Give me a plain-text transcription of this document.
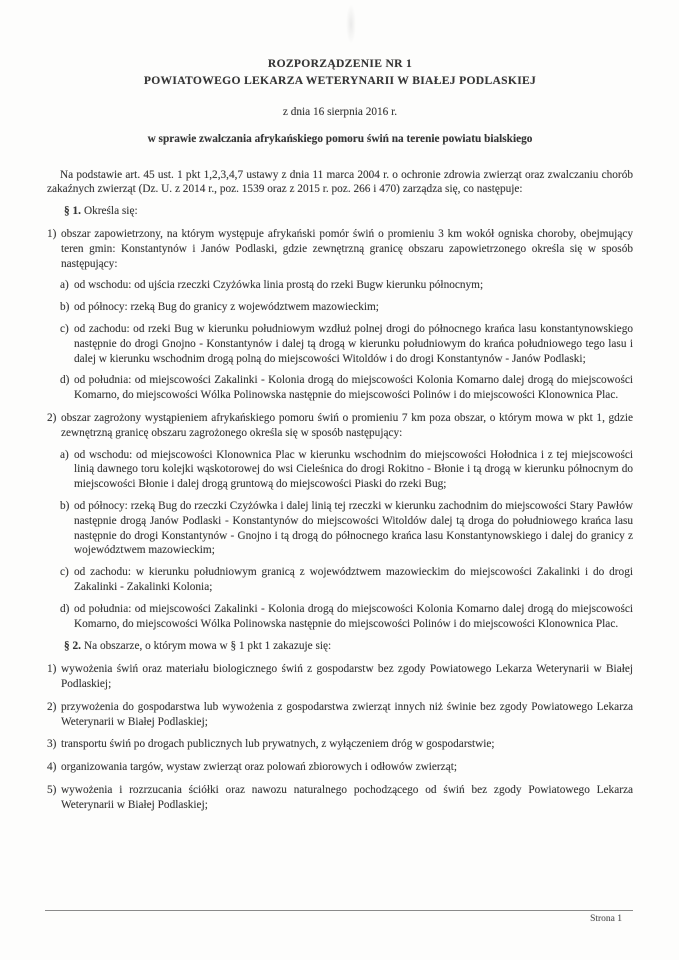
ROZPORZĄDZENIE NR 1
POWIATOWEGO LEKARZA WETERYNARII W BIAŁEJ PODLASKIEJ
z dnia 16 sierpnia 2016 r.
w sprawie zwalczania afrykańskiego pomoru świń na terenie powiatu bialskiego

Na podstawie art. 45 ust. 1 pkt 1,2,3,4,7 ustawy z dnia 11 marca 2004 r. o ochronie zdrowia zwierząt oraz zwalczaniu chorób zakaźnych zwierząt (Dz. U. z 2014 r., poz. 1539 oraz z 2015 r. poz. 266 i 470) zarządza się, co następuje:

§ 1. Określa się:

1) obszar zapowietrzony, na którym występuje afrykański pomór świń o promieniu 3 km wokół ogniska choroby, obejmujący teren gmin: Konstantynów i Janów Podlaski, gdzie zewnętrzną granicę obszaru zapowietrzonego określa się w sposób następujący:
a) od wschodu: od ujścia rzeczki Czyżówka linia prostą do rzeki Bugw kierunku północnym;
b) od północy: rzeką Bug do granicy z województwem mazowieckim;
c) od zachodu: od rzeki Bug w kierunku południowym wzdłuż polnej drogi do północnego krańca lasu konstantynowskiego następnie do drogi Gnojno - Konstantynów i dalej tą drogą w kierunku południowym do krańca południowego tego lasu i dalej w kierunku wschodnim drogą polną do miejscowości Witoldów i do drogi Konstantynów - Janów Podlaski;
d) od południa: od miejscowości Zakalinki - Kolonia drogą do miejscowości Kolonia Komarno dalej drogą do miejscowości Komarno, do miejscowości Wólka Polinowska następnie do miejscowości Polinów i do miejscowości Klonownica Plac.
2) obszar zagrożony wystąpieniem afrykańskiego pomoru świń o promieniu 7 km poza obszar, o którym mowa w pkt 1, gdzie zewnętrzną granicę obszaru zagrożonego określa się w sposób następujący:
a) od wschodu: od miejscowości Klonownica Plac w kierunku wschodnim do miejscowości Hołodnica i z tej miejscowości linią dawnego toru kolejki wąskotorowej do wsi Cieleśnica do drogi Rokitno - Błonie i tą drogą w kierunku północnym do miejscowości Błonie i dalej drogą gruntową do miejscowości Piaski do rzeki Bug;
b) od północy: rzeką Bug do rzeczki Czyżówka i dalej linią tej rzeczki w kierunku zachodnim do miejscowości Stary Pawłów następnie drogą Janów Podlaski - Konstantynów do miejscowości Witoldów dalej tą droga do południowego krańca lasu następnie do drogi Konstantynów - Gnojno i tą drogą do północnego krańca lasu Konstantynowskiego i dalej do granicy z województwem mazowieckim;
c) od zachodu: w kierunku południowym granicą z województwem mazowieckim do miejscowości Zakalinki i do drogi Zakalinki - Zakalinki Kolonia;
d) od południa: od miejscowości Zakalinki - Kolonia drogą do miejscowości Kolonia Komarno dalej drogą do miejscowości Komarno, do miejscowości Wólka Polinowska następnie do miejscowości Polinów i do miejscowości Klonownica Plac.

§ 2. Na obszarze, o którym mowa w § 1 pkt 1 zakazuje się:

1) wywożenia świń oraz materiału biologicznego świń z gospodarstw bez zgody Powiatowego Lekarza Weterynarii w Białej Podlaskiej;
2) przywożenia do gospodarstwa lub wywożenia z gospodarstwa zwierząt innych niż świnie bez zgody Powiatowego Lekarza Weterynarii w Białej Podlaskiej;
3) transportu świń po drogach publicznych lub prywatnych, z wyłączeniem dróg w gospodarstwie;
4) organizowania targów, wystaw zwierząt oraz polowań zbiorowych i odłowów zwierząt;
5) wywożenia i rozrzucania ściółki oraz nawozu naturalnego pochodzącego od świń bez zgody Powiatowego Lekarza Weterynarii w Białej Podlaskiej;
Strona 1
